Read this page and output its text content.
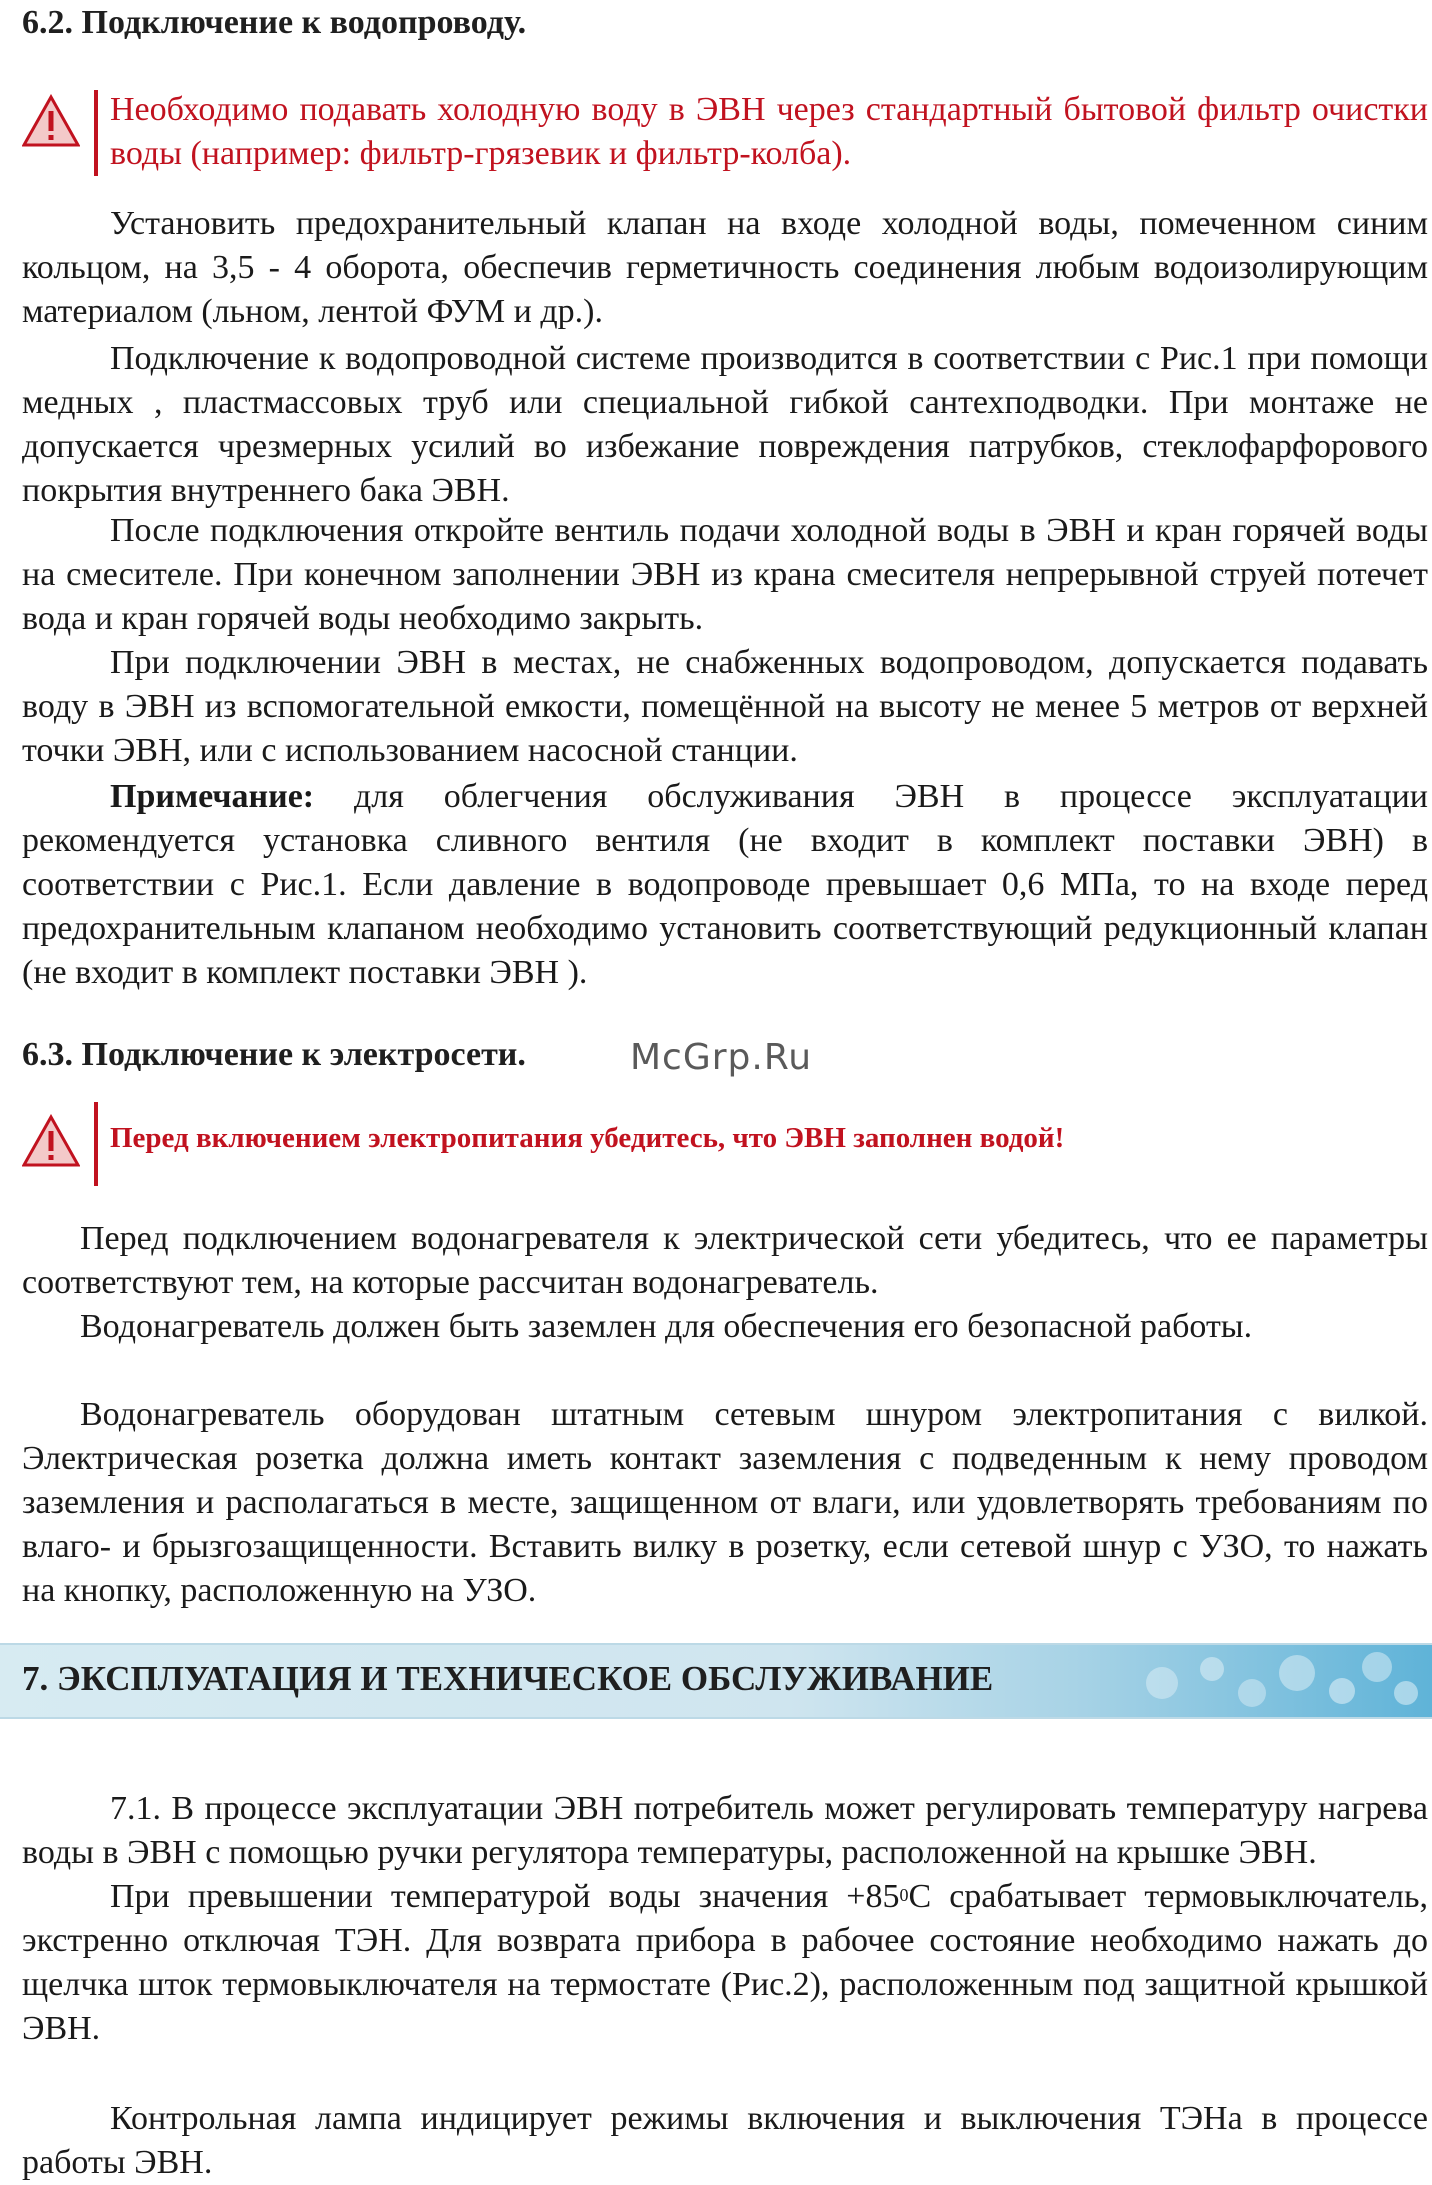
6.2. Подключение к водопроводу.
Необходимо подавать холодную воду в ЭВН через стандартный бытовой фильтр очистки воды (например: фильтр-грязевик и фильтр-колба).
Установить предохранительный клапан на входе холодной воды, помеченном синим кольцом, на 3,5 - 4 оборота, обеспечив герметичность соединения любым водоизолирующим материалом (льном, лентой ФУМ и др.).
Подключение к водопроводной системе производится в соответствии с Рис.1 при помощи медных , пластмассовых труб или специальной гибкой сантехподводки. При монтаже не допускается чрезмерных усилий во избежание повреждения патрубков, стеклофарфорового покрытия внутреннего бака ЭВН.
После подключения откройте вентиль подачи холодной воды в ЭВН и кран горячей воды на смесителе. При конечном заполнении ЭВН из крана смесителя непрерывной струей потечет вода и кран горячей воды необходимо закрыть.
При подключении ЭВН в местах, не снабженных водопроводом, допускается подавать воду в ЭВН из вспомогательной емкости, помещённой на высоту не менее 5 метров от верхней точки ЭВН, или с использованием насосной станции.
Примечание: для облегчения обслуживания ЭВН в процессе эксплуатации рекомендуется установка сливного вентиля (не входит в комплект поставки ЭВН) в соответствии с Рис.1. Если давление в водопроводе превышает 0,6 МПа, то на входе перед предохранительным клапаном необходимо установить соответствующий редукционный клапан (не входит в комплект поставки ЭВН ).
6.3. Подключение к электросети.	McGrp.Ru
Перед включением электропитания убедитесь, что ЭВН заполнен водой!
Перед подключением водонагревателя к электрической сети убедитесь, что ее параметры соответствуют тем, на которые рассчитан водонагреватель.
Водонагреватель должен быть заземлен для обеспечения его безопасной работы.
Водонагреватель оборудован штатным сетевым шнуром электропитания с вилкой. Электрическая розетка должна иметь контакт заземления с подведенным к нему проводом заземления и располагаться в месте, защищенном от влаги, или удовлетворять требованиям по влаго- и брызгозащищенности. Вставить вилку в розетку, если сетевой шнур с УЗО, то нажать на кнопку, расположенную на УЗО.
7. ЭКСПЛУАТАЦИЯ И ТЕХНИЧЕСКОЕ ОБСЛУЖИВАНИЕ
7.1. В процессе эксплуатации ЭВН потребитель может регулировать температуру нагрева воды в ЭВН с помощью ручки регулятора температуры, расположенной на крышке ЭВН.
При превышении температурой воды значения $+85^0С$ срабатывает термовыключатель, экстренно отключая ТЭН. Для возврата прибора в рабочее состояние необходимо нажать до щелчка шток термовыключателя на термостате (Рис.2), расположенным под защитной крышкой ЭВН.
Контрольная лампа индицирует режимы включения и выключения ТЭНа в процессе работы ЭВН.
